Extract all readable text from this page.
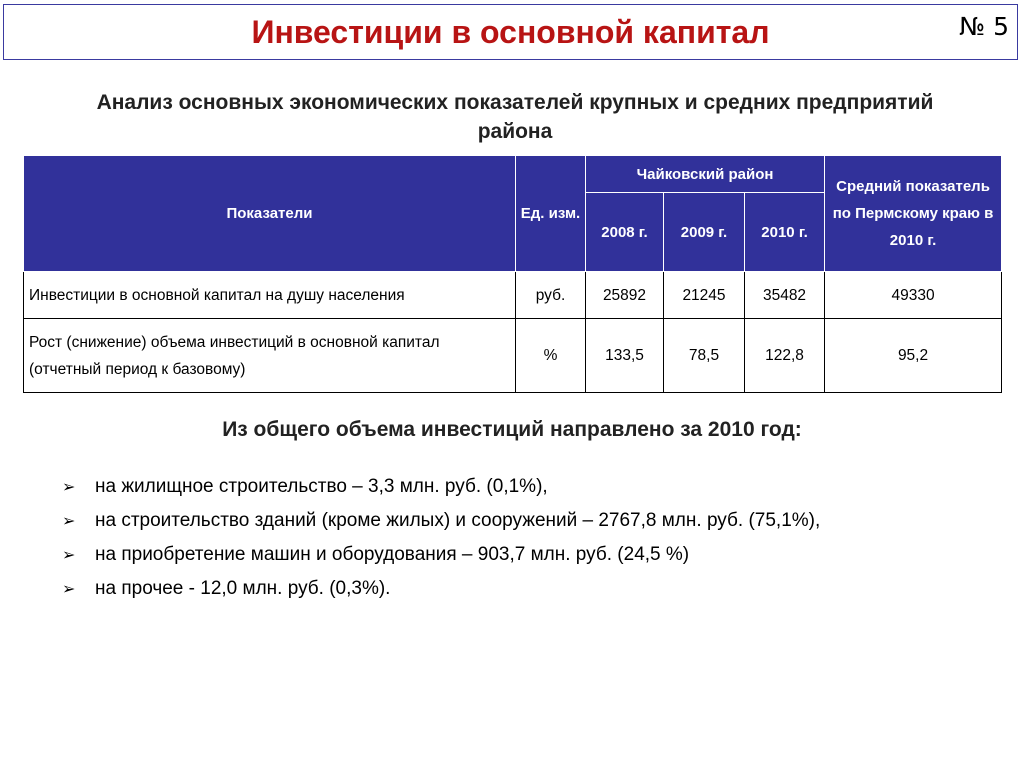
Инвестиции в основной капитал	№ 5
Анализ основных экономических показателей крупных и средних предприятий района
Показатели	Ед. изм.	Чайковский район			Средний показатель по Пермскому краю в 2010 г.
		2008 г.	2009 г.	2010 г.	
Инвестиции в основной капитал на душу населения	руб.	25892	21245	35482	49330
Рост (снижение) объема инвестиций в основной капитал (отчетный период к базовому)	%	133,5	78,5	122,8	95,2
Из общего объема инвестиций направлено за 2010 год:
➢ на жилищное строительство – 3,3 млн. руб. (0,1%),
➢ на строительство зданий (кроме жилых) и сооружений – 2767,8 млн. руб. (75,1%),
➢ на приобретение машин и оборудования – 903,7 млн. руб. (24,5 %)
➢ на прочее - 12,0 млн. руб. (0,3%).
